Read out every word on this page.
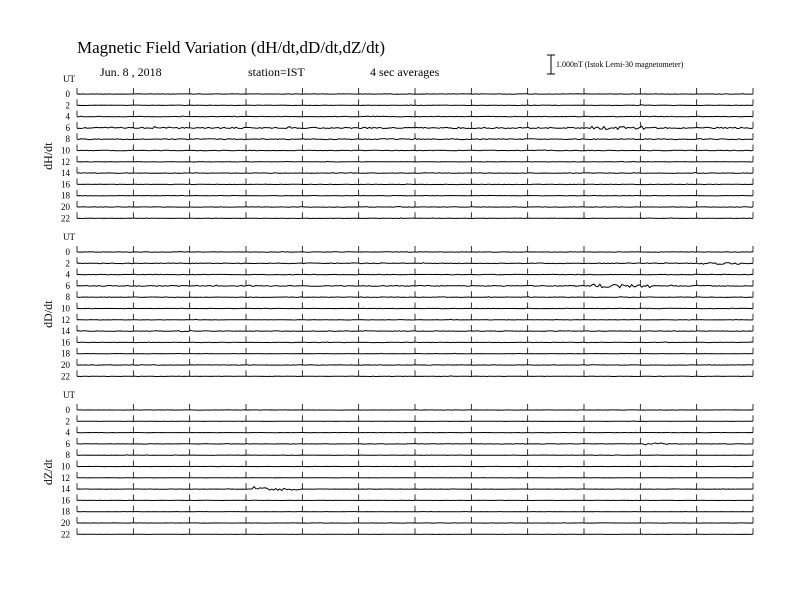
Magnetic Field Variation (dH/dt,dD/dt,dZ/dt)
Jun. 8 , 2018	station=IST	4 sec averages
1.000nT (Istok Lemi-30 magnetometer)
UT
dH/dt
0
2
4
6
8
10
12
14
16
18
20
22
UT
dD/dt
0
2
4
6
8
10
12
14
16
18
20
22
UT
dZ/dt
0
2
4
6
8
10
12
14
16
18
20
22
